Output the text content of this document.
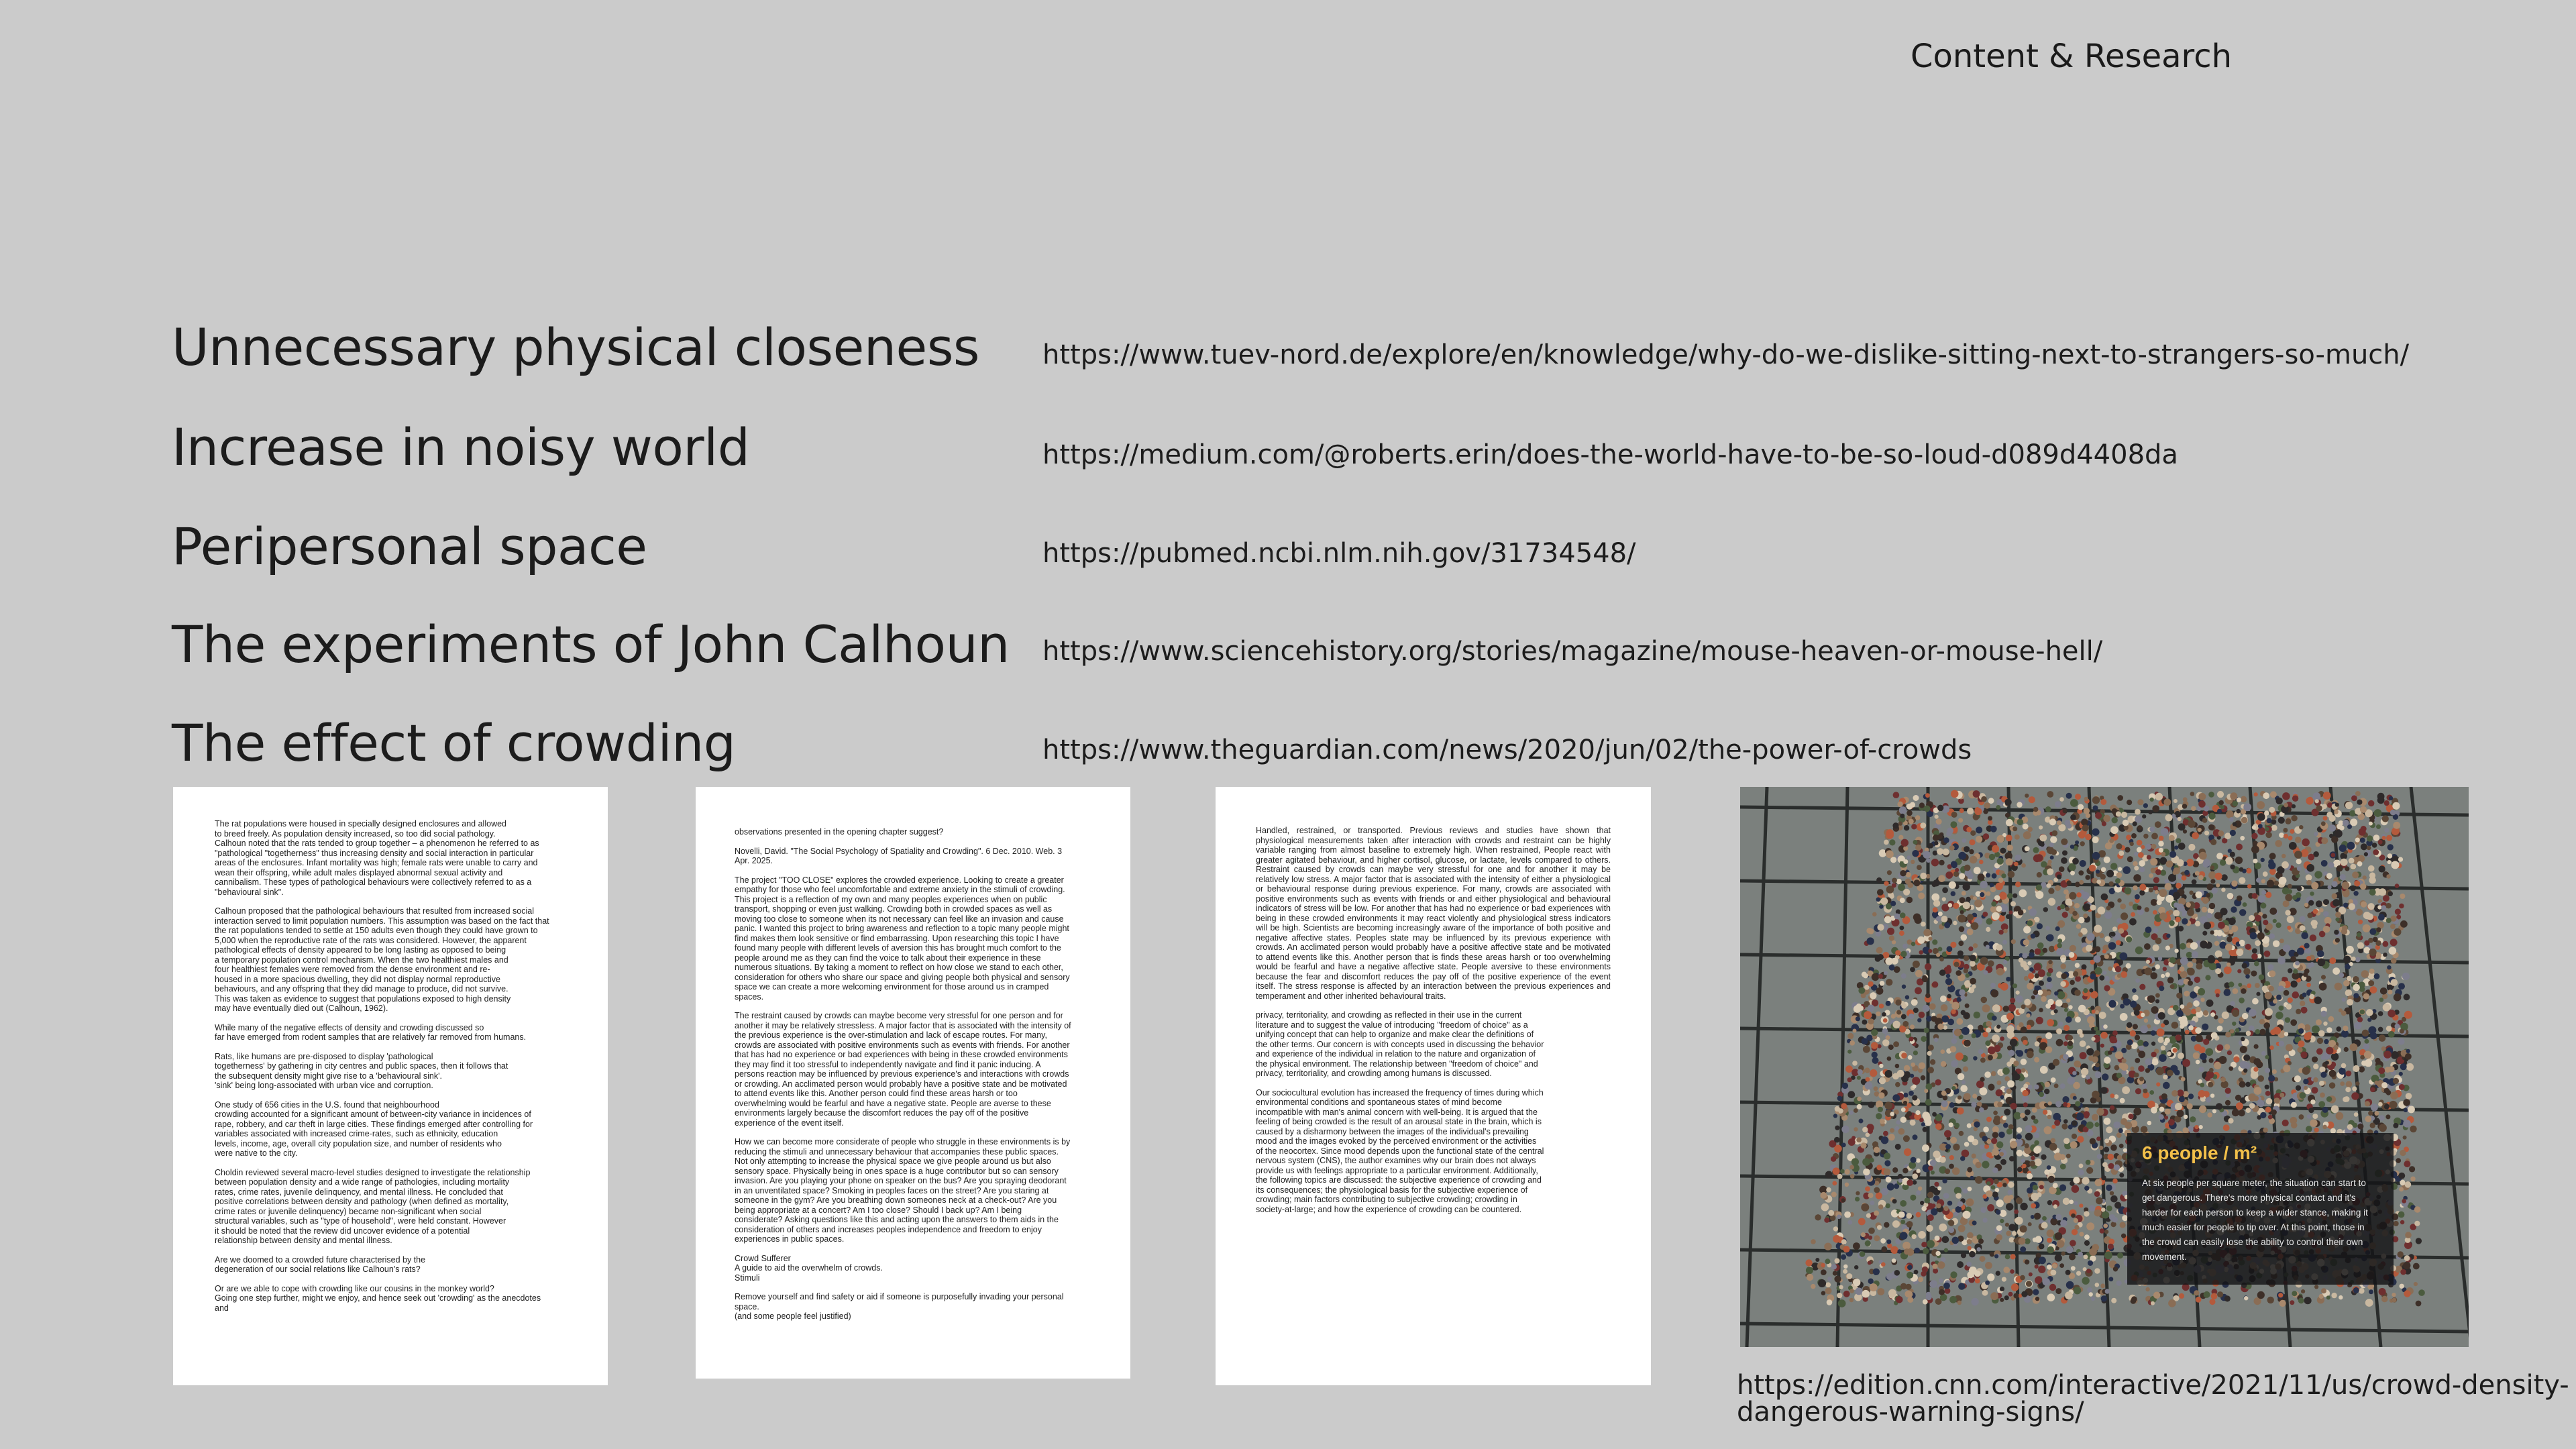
Content & Research
Unnecessary physical closeness https://www.tuev-nord.de/explore/en/knowledge/why-do-we-dislike-sitting-next-to-strangers-so-much/
Increase in noisy world	https://medium.com/@roberts.erin/does-the-world-have-to-be-so-loud-d089d4408da
Peripersonal space	https://pubmed.ncbi.nlm.nih.gov/31734548/
The experiments of John Calhoun https://www.sciencehistory.org/stories/magazine/mouse-heaven-or-mouse-hell/
The effect of crowding	https://www.theguardian.com/news/2020/jun/02/the-power-of-crowds

The rat populations were housed in specially designed enclosures and allowed
to breed freely. As population density increased, so too did social pathology.
Calhoun noted that the rats tended to group together – a phenomenon he referred to as
"pathological "togetherness" thus increasing density and social interaction in particular
areas of the enclosures. Infant mortality was high; female rats were unable to carry and
wean their offspring, while adult males displayed abnormal sexual activity and
cannibalism. These types of pathological behaviours were collectively referred to as a
"behavioural sink".

Calhoun proposed that the pathological behaviours that resulted from increased social
interaction served to limit population numbers. This assumption was based on the fact that
the rat populations tended to settle at 150 adults even though they could have grown to
5,000 when the reproductive rate of the rats was considered. However, the apparent
pathological effects of density appeared to be long lasting as opposed to being
a temporary population control mechanism. When the two healthiest males and
four healthiest females were removed from the dense environment and re-
housed in a more spacious dwelling, they did not display normal reproductive
behaviours, and any offspring that they did manage to produce, did not survive.
This was taken as evidence to suggest that populations exposed to high density
may have eventually died out (Calhoun, 1962).

While many of the negative effects of density and crowding discussed so
far have emerged from rodent samples that are relatively far removed from humans.

Rats, like humans are pre-disposed to display 'pathological
togetherness' by gathering in city centres and public spaces, then it follows that
the subsequent density might give rise to a 'behavioural sink'.
'sink' being long-associated with urban vice and corruption.

One study of 656 cities in the U.S. found that neighbourhood
crowding accounted for a significant amount of between-city variance in incidences of
rape, robbery, and car theft in large cities. These findings emerged after controlling for
variables associated with increased crime-rates, such as ethnicity, education
levels, income, age, overall city population size, and number of residents who
were native to the city.

Choldin reviewed several macro-level studies designed to investigate the relationship
between population density and a wide range of pathologies, including mortality
rates, crime rates, juvenile delinquency, and mental illness. He concluded that
positive correlations between density and pathology (when defined as mortality,
crime rates or juvenile delinquency) became non-significant when social
structural variables, such as "type of household", were held constant. However
it should be noted that the review did uncover evidence of a potential
relationship between density and mental illness.

Are we doomed to a crowded future characterised by the
degeneration of our social relations like Calhoun's rats?

Or are we able to cope with crowding like our cousins in the monkey world?
Going one step further, might we enjoy, and hence seek out 'crowding' as the anecdotes
and

observations presented in the opening chapter suggest?

Novelli, David. "The Social Psychology of Spatiality and Crowding". 6 Dec. 2010. Web. 3
Apr. 2025.

The project "TOO CLOSE" explores the crowded experience. Looking to create a greater
empathy for those who feel uncomfortable and extreme anxiety in the stimuli of crowding.
This project is a reflection of my own and many peoples experiences when on public
transport, shopping or even just walking. Crowding both in crowded spaces as well as
moving too close to someone when its not necessary can feel like an invasion and cause
panic. I wanted this project to bring awareness and reflection to a topic many people might
find makes them look sensitive or find embarrassing. Upon researching this topic I have
found many people with different levels of aversion this has brought much comfort to the
people around me as they can find the voice to talk about their experience in these
numerous situations. By taking a moment to reflect on how close we stand to each other,
consideration for others who share our space and giving people both physical and sensory
space we can create a more welcoming environment for those around us in cramped
spaces.

The restraint caused by crowds can maybe become very stressful for one person and for
another it may be relatively stressless. A major factor that is associated with the intensity of
the previous experience is the over-stimulation and lack of escape routes. For many,
crowds are associated with positive environments such as events with friends. For another
that has had no experience or bad experiences with being in these crowded environments
they may find it too stressful to independently navigate and find it panic inducing. A
persons reaction may be influenced by previous experience's and interactions with crowds
or crowding. An acclimated person would probably have a positive state and be motivated
to attend events like this. Another person could find these areas harsh or too
overwhelming would be fearful and have a negative state. People are averse to these
environments largely because the discomfort reduces the pay off of the positive
experience of the event itself.

How we can become more considerate of people who struggle in these environments is by
reducing the stimuli and unnecessary behaviour that accompanies these public spaces.
Not only attempting to increase the physical space we give people around us but also
sensory space. Physically being in ones space is a huge contributor but so can sensory
invasion. Are you playing your phone on speaker on the bus? Are you spraying deodorant
in an unventilated space? Smoking in peoples faces on the street? Are you staring at
someone in the gym? Are you breathing down someones neck at a check-out? Are you
being appropriate at a concert? Am I too close? Should I back up? Am I being
considerate? Asking questions like this and acting upon the answers to them aids in the
consideration of others and increases peoples independence and freedom to enjoy
experiences in public spaces.

Crowd Sufferer
A guide to aid the overwhelm of crowds.
Stimuli

Remove yourself and find safety or aid if someone is purposefully invading your personal
space.
(and some people feel justified)

Handled, restrained, or transported. Previous reviews and studies have shown that physiological measurements taken after interaction with crowds and restraint can be highly variable ranging from almost baseline to extremely high. When restrained, People react with greater agitated behaviour, and higher cortisol, glucose, or lactate, levels compared to others. Restraint caused by crowds can maybe very stressful for one and for another it may be relatively low stress. A major factor that is associated with the intensity of either a physiological or behavioural response during previous experience. For many, crowds are associated with positive environments such as events with friends or and either physiological and behavioural indicators of stress will be low. For another that has had no experience or bad experiences with being in these crowded environments it may react violently and physiological stress indicators will be high. Scientists are becoming increasingly aware of the importance of both positive and negative affective states. Peoples state may be influenced by its previous experience with crowds. An acclimated person would probably have a positive affective state and be motivated to attend events like this. Another person that is finds these areas harsh or too overwhelming would be fearful and have a negative affective state. People aversive to these environments because the fear and discomfort reduces the pay off of the positive experience of the event itself. The stress response is affected by an interaction between the previous experiences and temperament and other inherited behavioural traits.

privacy, territoriality, and crowding as reflected in their use in the current
literature and to suggest the value of introducing "freedom of choice" as a
unifying concept that can help to organize and make clear the definitions of
the other terms. Our concern is with concepts used in discussing the behavior
and experience of the individual in relation to the nature and organization of
the physical environment. The relationship between "freedom of choice" and
privacy, territoriality, and crowding among humans is discussed.

Our sociocultural evolution has increased the frequency of times during which
environmental conditions and spontaneous states of mind become
incompatible with man's animal concern with well-being. It is argued that the
feeling of being crowded is the result of an arousal state in the brain, which is
caused by a disharmony between the images of the individual's prevailing
mood and the images evoked by the perceived environment or the activities
of the neocortex. Since mood depends upon the functional state of the central
nervous system (CNS), the author examines why our brain does not always
provide us with feelings appropriate to a particular environment. Additionally,
the following topics are discussed: the subjective experience of crowding and
its consequences; the physiological basis for the subjective experience of
crowding; main factors contributing to subjective crowding; crowding in
society-at-large; and how the experience of crowding can be countered.

6 people / m²
At six people per square meter, the situation can start to get dangerous. There's more physical contact and it's harder for each person to keep a wider stance, making it much easier for people to tip over. At this point, those in the crowd can easily lose the ability to control their own movement.
https://edition.cnn.com/interactive/2021/11/us/crowd-density-
dangerous-warning-signs/
